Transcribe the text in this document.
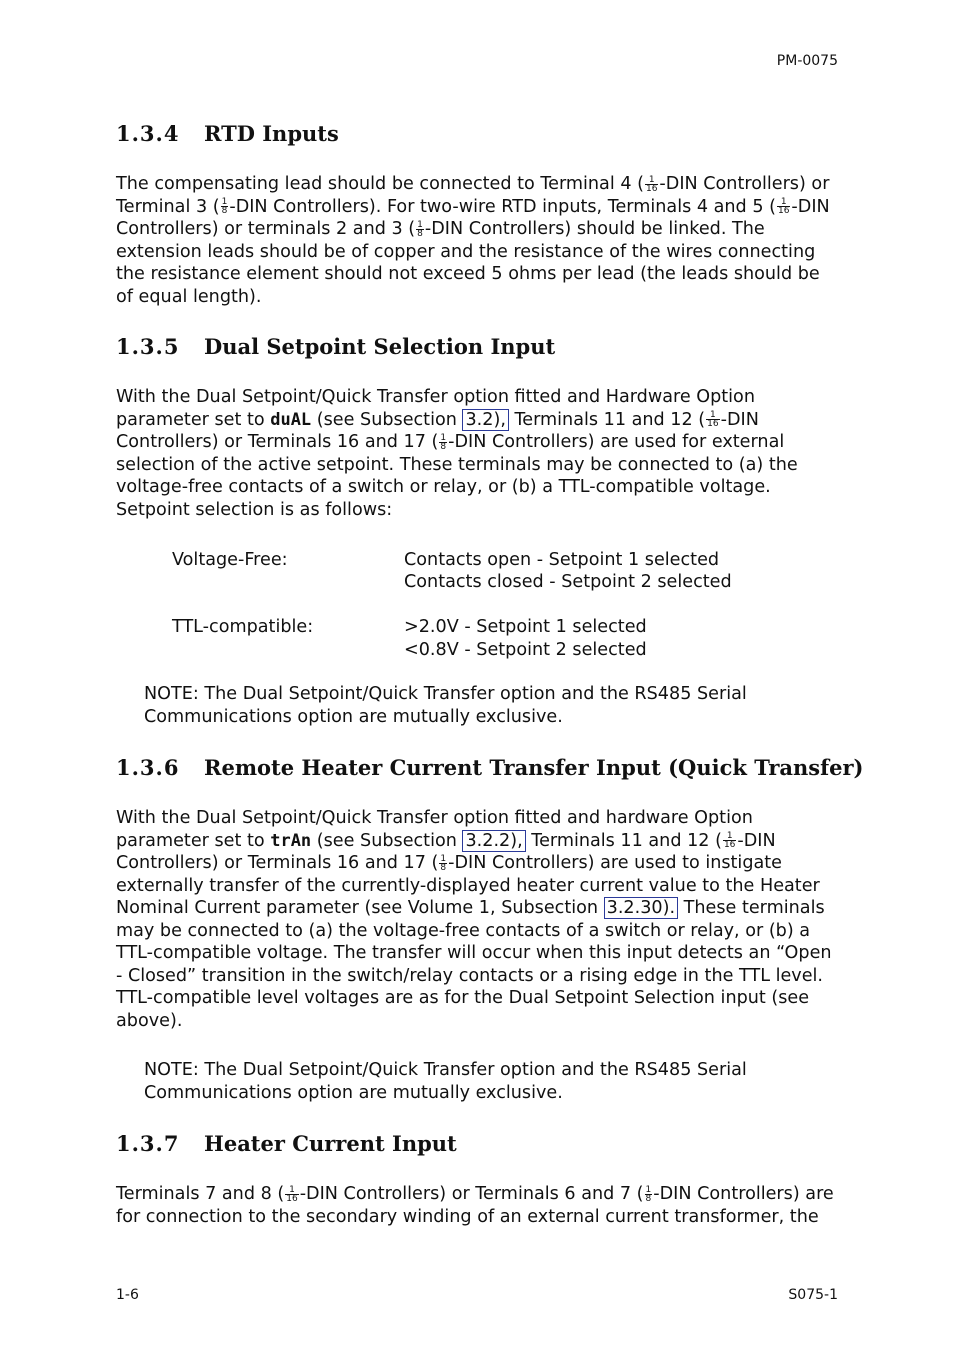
PM-0075
1.3.4 RTD Inputs

The compensating lead should be connected to Terminal 4 ( $\frac{1}{16} -DIN$ Controllers) or Terminal 3 ( $\frac{1}{8} -DIN$ Controllers). For two-wire RTD inputs, Terminals 4 and 5 ( $\frac{1}{16} -DIN$ Controllers) or terminals 2 and 3 ( $\frac{1}{8} -DIN$ Controllers) should be linked. The extension leads should be of copper and the resistance of the wires connecting the resistance element should not exceed 5 ohms per lead (the leads should be of equal length).

1.3.5 Dual Setpoint Selection Input

With the Dual Setpoint/Quick Transfer option fitted and Hardware Option parameter set to duAL (see Subsection 3.2), Terminals 11 and 12 ( $\frac{1}{16} -DIN$ Controllers) or Terminals 16 and 17 ( $\frac{1}{8} -DIN$ Controllers) are used for external selection of the active setpoint. These terminals may be connected to (a) the voltage-free contacts of a switch or relay, or (b) a TTL-compatible voltage. Setpoint selection is as follows:

Voltage-Free:	Contacts open - Setpoint 1 selected
Contacts closed - Setpoint 2 selected
TTL-compatible:	>2.0V - Setpoint 1 selected
<0.8V - Setpoint 2 selected

NOTE: The Dual Setpoint/Quick Transfer option and the RS485 Serial Communications option are mutually exclusive.

1.3.6 Remote Heater Current Transfer Input (Quick Transfer)

With the Dual Setpoint/Quick Transfer option fitted and hardware Option parameter set to trAn (see Subsection 3.2.2), Terminals 11 and 12 ( $\frac{1}{16} -DIN$ Controllers) or Terminals 16 and 17 ( $\frac{1}{8} -DIN$ Controllers) are used to instigate externally transfer of the currently-displayed heater current value to the Heater Nominal Current parameter (see Volume 1, Subsection 3.2.30). These terminals may be connected to (a) the voltage-free contacts of a switch or relay, or (b) a TTL-compatible voltage. The transfer will occur when this input detects an “Open - Closed” transition in the switch/relay contacts or a rising edge in the TTL level. TTL-compatible level voltages are as for the Dual Setpoint Selection input (see above).

NOTE: The Dual Setpoint/Quick Transfer option and the RS485 Serial Communications option are mutually exclusive.

1.3.7 Heater Current Input

Terminals 7 and 8 ( $\frac{1}{16} -DIN$ Controllers) or Terminals 6 and 7 ( $\frac{1}{8} -DIN$ Controllers) are for connection to the secondary winding of an external current transformer, the

1-6	S075-1
